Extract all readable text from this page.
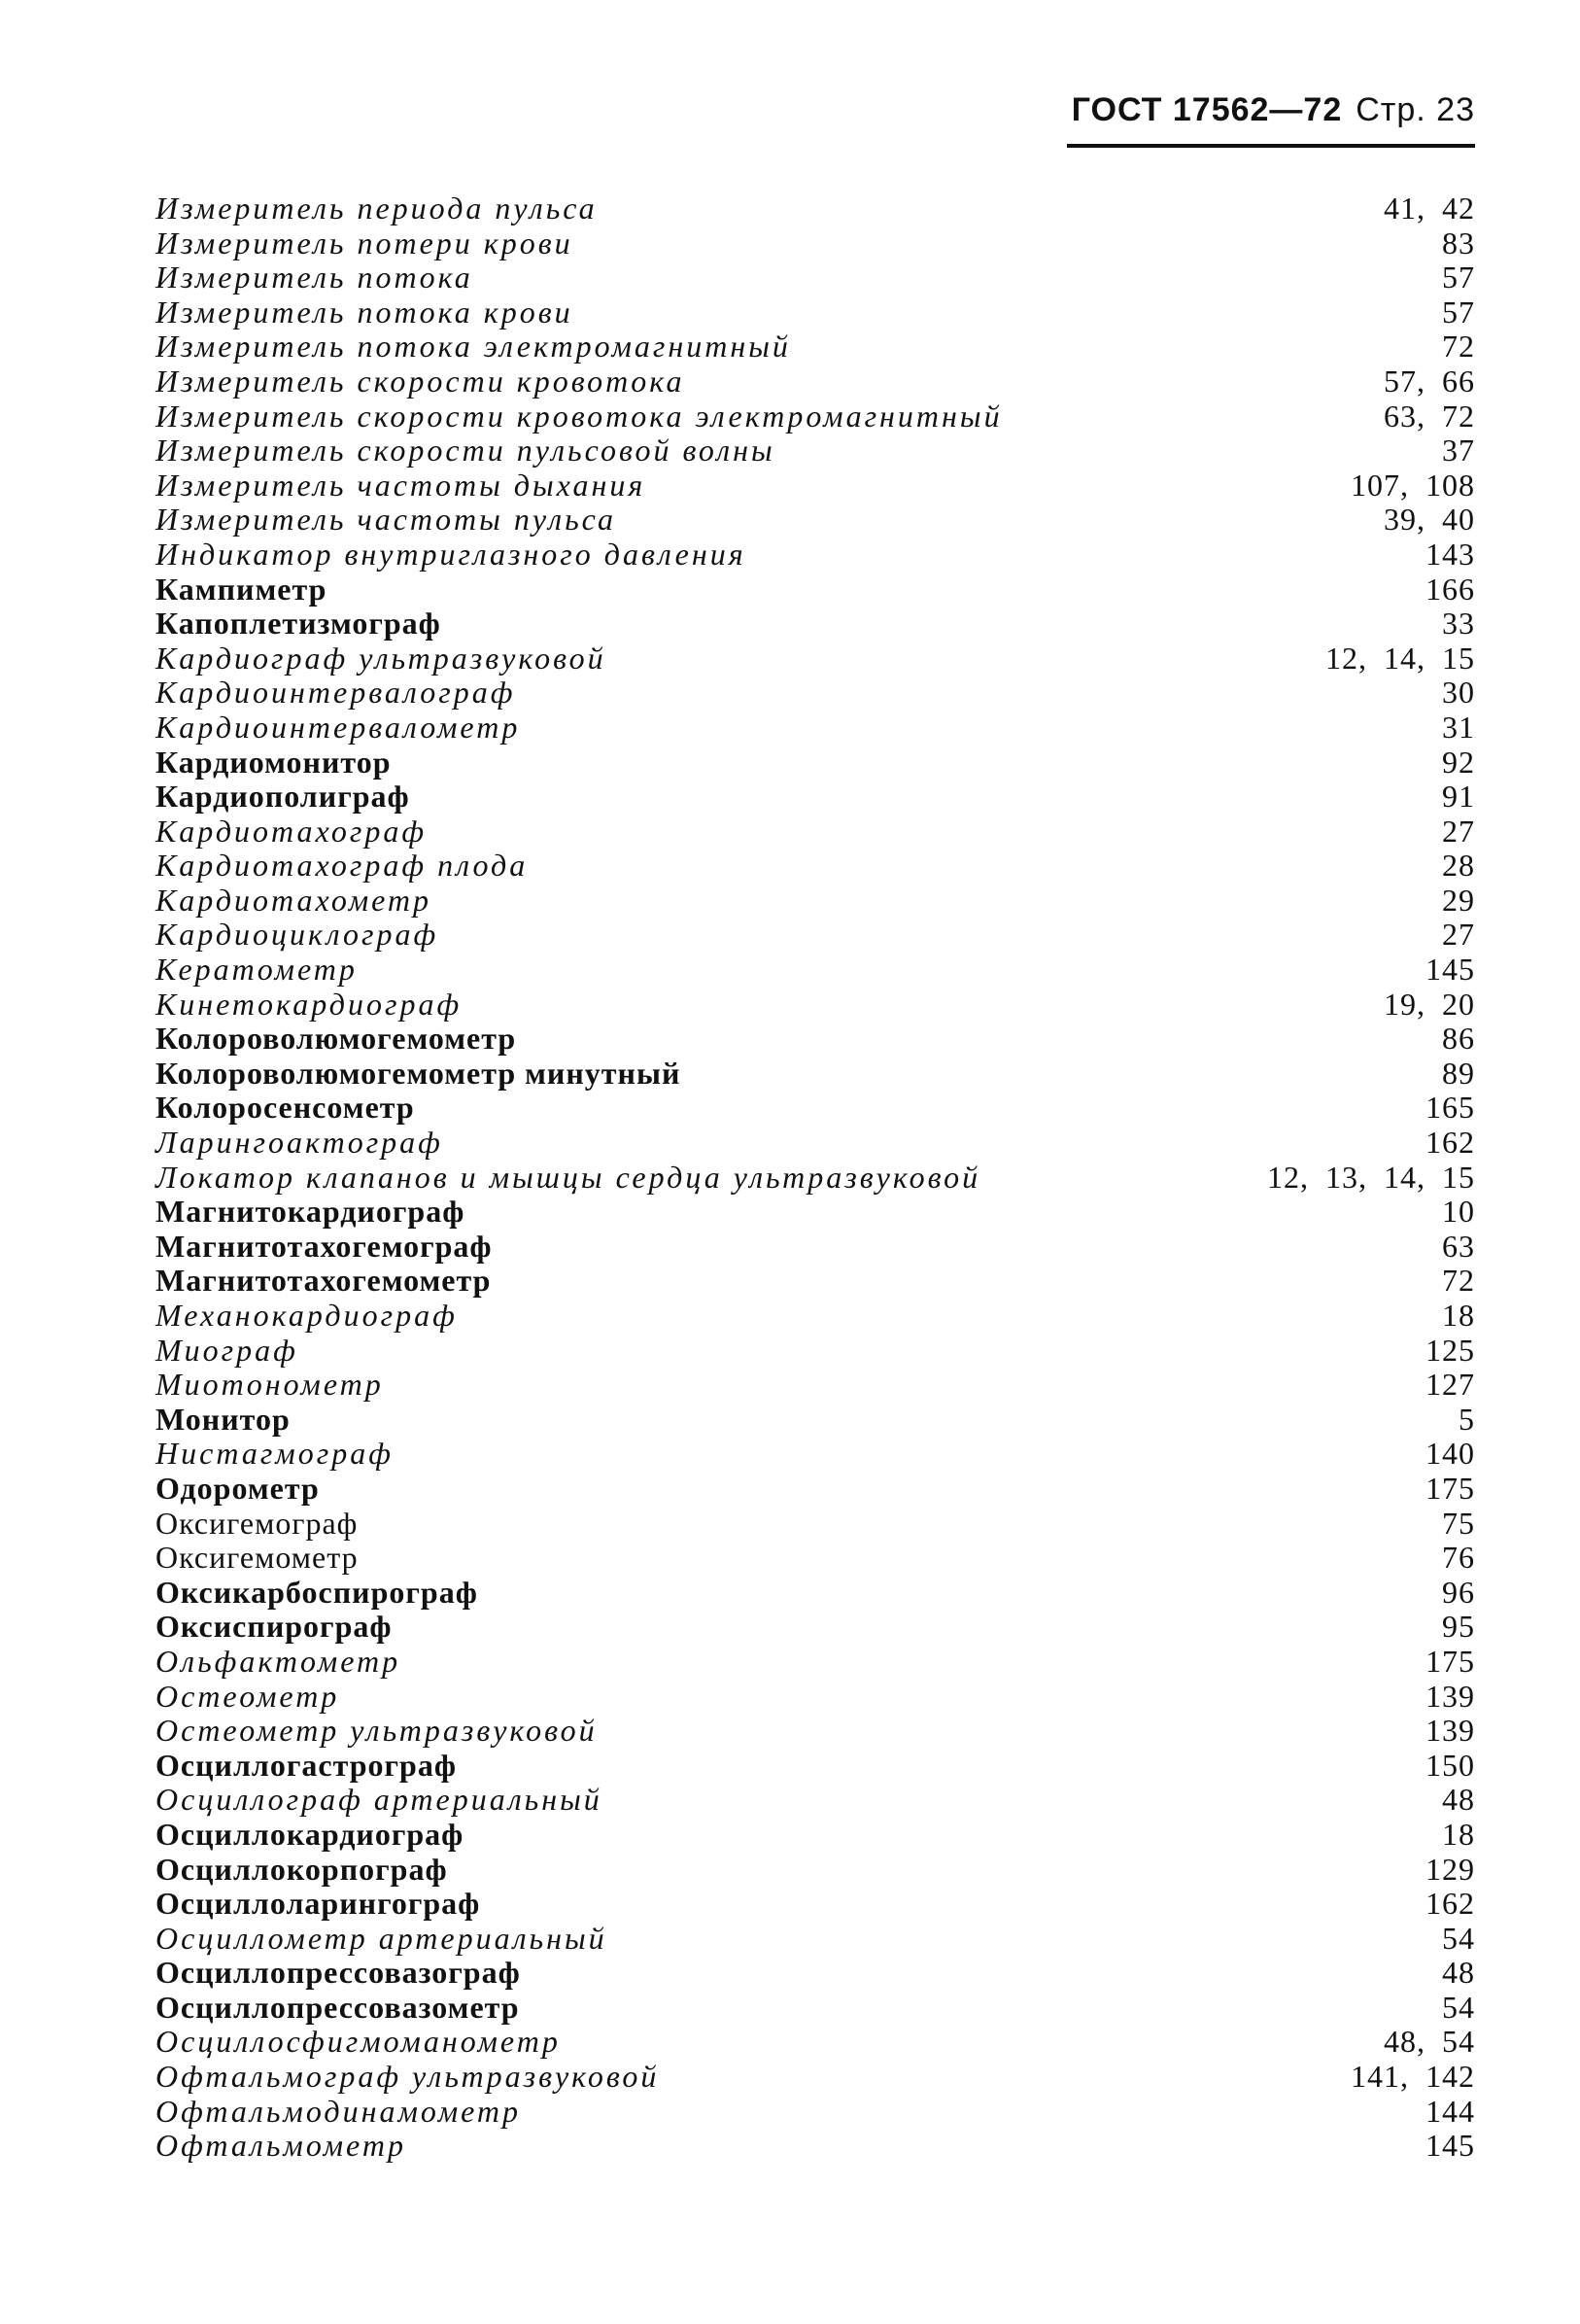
ГОСТ 17562—72 Стр. 23
Измеритель периода пульса	41, 42
Измеритель потери крови	83
Измеритель потока	57
Измеритель потока крови	57
Измеритель потока электромагнитный	72
Измеритель скорости кровотока	57, 66
Измеритель скорости кровотока электромагнитный	63, 72
Измеритель скорости пульсовой волны	37
Измеритель частоты дыхания	107, 108
Измеритель частоты пульса	39, 40
Индикатор внутриглазного давления	143
Кампиметр	166
Капоплетизмограф	33
Кардиограф ультразвуковой	12, 14, 15
Кардиоинтервалограф	30
Кардиоинтервалометр	31
Кардиомонитор	92
Кардиополиграф	91
Кардиотахограф	27
Кардиотахограф плода	28
Кардиотахометр	29
Кардиоциклограф	27
Кератометр	145
Кинетокардиограф	19, 20
Колороволюмогемометр	86
Колороволюмогемометр минутный	89
Колоросенсометр	165
Ларингоактограф	162
Локатор клапанов и мышцы сердца ультразвуковой	12, 13, 14, 15
Магнитокардиограф	10
Магнитотахогемограф	63
Магнитотахогемометр	72
Механокардиограф	18
Миограф	125
Миотонометр	127
Монитор	5
Нистагмограф	140
Одорометр	175
Оксигемограф	75
Оксигемометр	76
Оксикарбоспирограф	96
Оксиспирограф	95
Ольфактометр	175
Остеометр	139
Остеометр ультразвуковой	139
Осциллогастрограф	150
Осциллограф артериальный	48
Осциллокардиограф	18
Осциллокорпограф	129
Осциллоларингограф	162
Осциллометр артериальный	54
Осциллопрессовазограф	48
Осциллопрессовазометр	54
Осциллосфигмоманометр	48, 54
Офтальмограф ультразвуковой	141, 142
Офтальмодинамометр	144
Офтальмометр	145
